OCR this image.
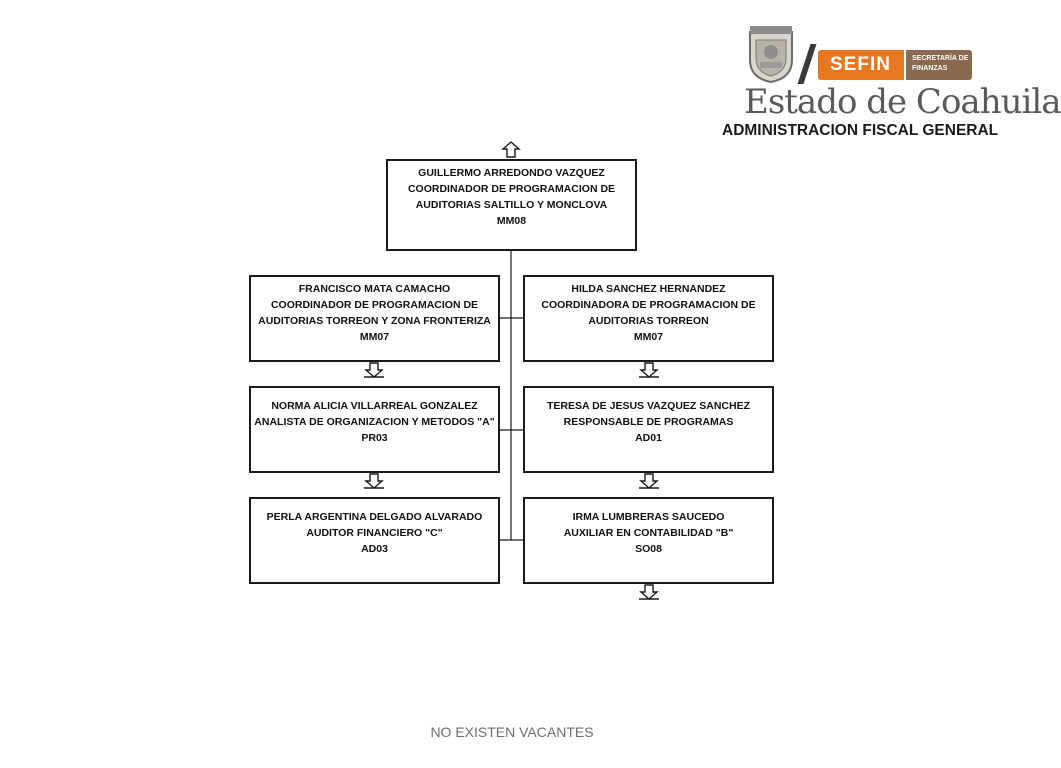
SEFIN	SECRETARÍA DE FINANZAS
Estado de Coahuila
ADMINISTRACION FISCAL GENERAL
GUILLERMO ARREDONDO VAZQUEZ
COORDINADOR DE PROGRAMACION DE
AUDITORIAS SALTILLO Y MONCLOVA
MM08
FRANCISCO MATA CAMACHO
COORDINADOR DE PROGRAMACION DE
AUDITORIAS TORREON Y ZONA FRONTERIZA
MM07
NORMA ALICIA VILLARREAL GONZALEZ
ANALISTA DE ORGANIZACION Y METODOS "A"
PR03
PERLA ARGENTINA DELGADO ALVARADO
AUDITOR FINANCIERO "C"
AD03
HILDA SANCHEZ HERNANDEZ
COORDINADORA DE PROGRAMACION DE
AUDITORIAS TORREON
MM07
TERESA DE JESUS VAZQUEZ SANCHEZ
RESPONSABLE DE PROGRAMAS
AD01
IRMA LUMBRERAS SAUCEDO
AUXILIAR EN CONTABILIDAD "B"
SO08
NO EXISTEN VACANTES
